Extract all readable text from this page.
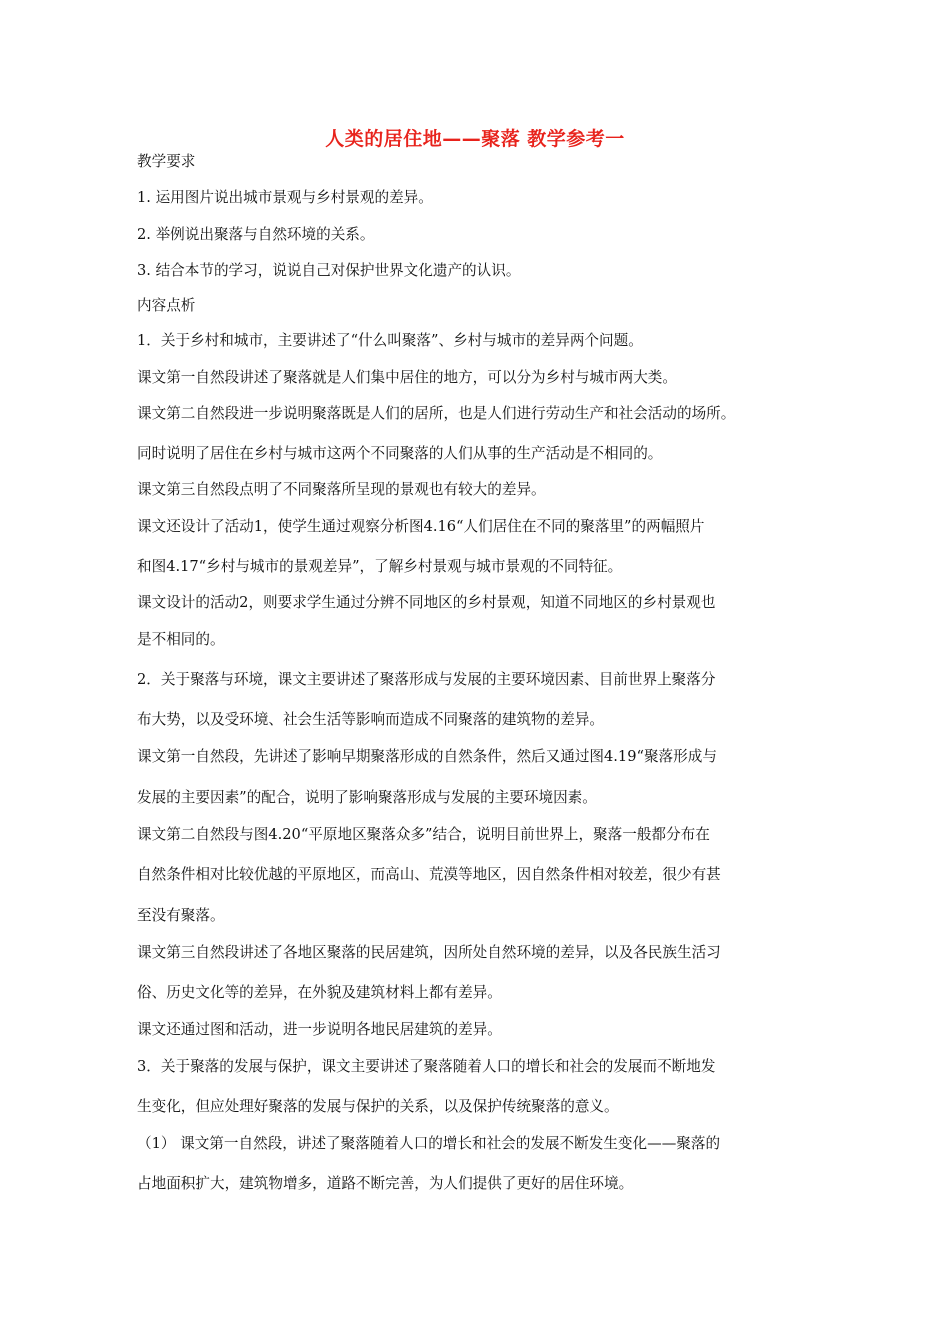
人类的居住地——聚落 教学参考一
教学要求
1. 运用图片说出城市景观与乡村景观的差异。
2. 举例说出聚落与自然环境的关系。
3. 结合本节的学习，说说自己对保护世界文化遗产的认识。
内容点析
1．关于乡村和城市，主要讲述了“什么叫聚落”、乡村与城市的差异两个问题。
课文第一自然段讲述了聚落就是人们集中居住的地方，可以分为乡村与城市两大类。
课文第二自然段进一步说明聚落既是人们的居所，也是人们进行劳动生产和社会活动的场所。
同时说明了居住在乡村与城市这两个不同聚落的人们从事的生产活动是不相同的。
课文第三自然段点明了不同聚落所呈现的景观也有较大的差异。
课文还设计了活动1，使学生通过观察分析图4.16“人们居住在不同的聚落里”的两幅照片
和图4.17“乡村与城市的景观差异”，了解乡村景观与城市景观的不同特征。
课文设计的活动2，则要求学生通过分辨不同地区的乡村景观，知道不同地区的乡村景观也
是不相同的。
2．关于聚落与环境，课文主要讲述了聚落形成与发展的主要环境因素、目前世界上聚落分
布大势，以及受环境、社会生活等影响而造成不同聚落的建筑物的差异。
课文第一自然段，先讲述了影响早期聚落形成的自然条件，然后又通过图4.19“聚落形成与
发展的主要因素”的配合，说明了影响聚落形成与发展的主要环境因素。
课文第二自然段与图4.20“平原地区聚落众多”结合，说明目前世界上，聚落一般都分布在
自然条件相对比较优越的平原地区，而高山、荒漠等地区，因自然条件相对较差，很少有甚
至没有聚落。
课文第三自然段讲述了各地区聚落的民居建筑，因所处自然环境的差异，以及各民族生活习
俗、历史文化等的差异，在外貌及建筑材料上都有差异。
课文还通过图和活动，进一步说明各地民居建筑的差异。
3．关于聚落的发展与保护，课文主要讲述了聚落随着人口的增长和社会的发展而不断地发
生变化，但应处理好聚落的发展与保护的关系，以及保护传统聚落的意义。
（1） 课文第一自然段，讲述了聚落随着人口的增长和社会的发展不断发生变化——聚落的
占地面积扩大，建筑物增多，道路不断完善，为人们提供了更好的居住环境。
